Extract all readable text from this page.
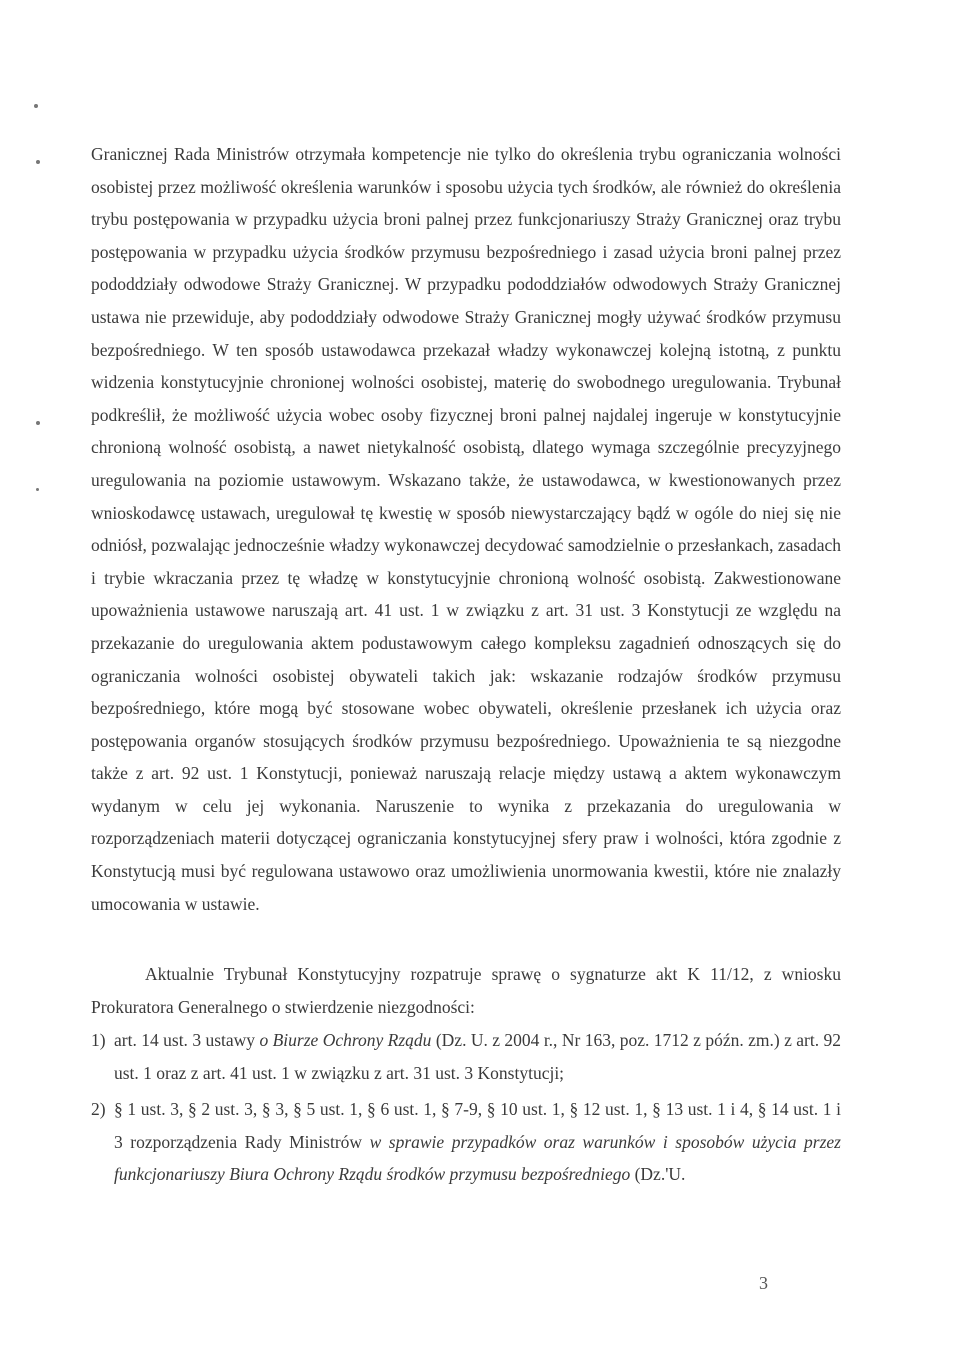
Granicznej Rada Ministrów otrzymała kompetencje nie tylko do określenia trybu ograniczania wolności osobistej przez możliwość określenia warunków i sposobu użycia tych środków, ale również do określenia trybu postępowania w przypadku użycia broni palnej przez funkcjonariuszy Straży Granicznej oraz trybu postępowania w przypadku użycia środków przymusu bezpośredniego i zasad użycia broni palnej przez pododdziały odwodowe Straży Granicznej. W przypadku pododdziałów odwodowych Straży Granicznej ustawa nie przewiduje, aby pododdziały odwodowe Straży Granicznej mogły używać środków przymusu bezpośredniego. W ten sposób ustawodawca przekazał władzy wykonawczej kolejną istotną, z punktu widzenia konstytucyjnie chronionej wolności osobistej, materię do swobodnego uregulowania. Trybunał podkreślił, że możliwość użycia wobec osoby fizycznej broni palnej najdalej ingeruje w konstytucyjnie chronioną wolność osobistą, a nawet nietykalność osobistą, dlatego wymaga szczególnie precyzyjnego uregulowania na poziomie ustawowym. Wskazano także, że ustawodawca, w kwestionowanych przez wnioskodawcę ustawach, uregulował tę kwestię w sposób niewystarczający bądź w ogóle do niej się nie odniósł, pozwalając jednocześnie władzy wykonawczej decydować samodzielnie o przesłankach, zasadach i trybie wkraczania przez tę władzę w konstytucyjnie chronioną wolność osobistą. Zakwestionowane upoważnienia ustawowe naruszają art. 41 ust. 1 w związku z art. 31 ust. 3 Konstytucji ze względu na przekazanie do uregulowania aktem podustawowym całego kompleksu zagadnień odnoszących się do ograniczania wolności osobistej obywateli takich jak: wskazanie rodzajów środków przymusu bezpośredniego, które mogą być stosowane wobec obywateli, określenie przesłanek ich użycia oraz postępowania organów stosujących środków przymusu bezpośredniego. Upoważnienia te są niezgodne także z art. 92 ust. 1 Konstytucji, ponieważ naruszają relacje między ustawą a aktem wykonawczym wydanym w celu jej wykonania. Naruszenie to wynika z przekazania do uregulowania w rozporządzeniach materii dotyczącej ograniczania konstytucyjnej sfery praw i wolności, która zgodnie z Konstytucją musi być regulowana ustawowo oraz umożliwienia unormowania kwestii, które nie znalazły umocowania w ustawie.

Aktualnie Trybunał Konstytucyjny rozpatruje sprawę o sygnaturze akt K 11/12, z wniosku Prokuratora Generalnego o stwierdzenie niezgodności:

1) art. 14 ust. 3 ustawy o Biurze Ochrony Rządu (Dz. U. z 2004 r., Nr 163, poz. 1712 z późn. zm.) z art. 92 ust. 1 oraz z art. 41 ust. 1 w związku z art. 31 ust. 3 Konstytucji;
2) § 1 ust. 3, § 2 ust. 3, § 3, § 5 ust. 1, § 6 ust. 1, § 7-9, § 10 ust. 1, § 12 ust. 1, § 13 ust. 1 i 4, § 14 ust. 1 i 3 rozporządzenia Rady Ministrów w sprawie przypadków oraz warunków i sposobów użycia przez funkcjonariuszy Biura Ochrony Rządu środków przymusu bezpośredniego (Dz.'U.
3
